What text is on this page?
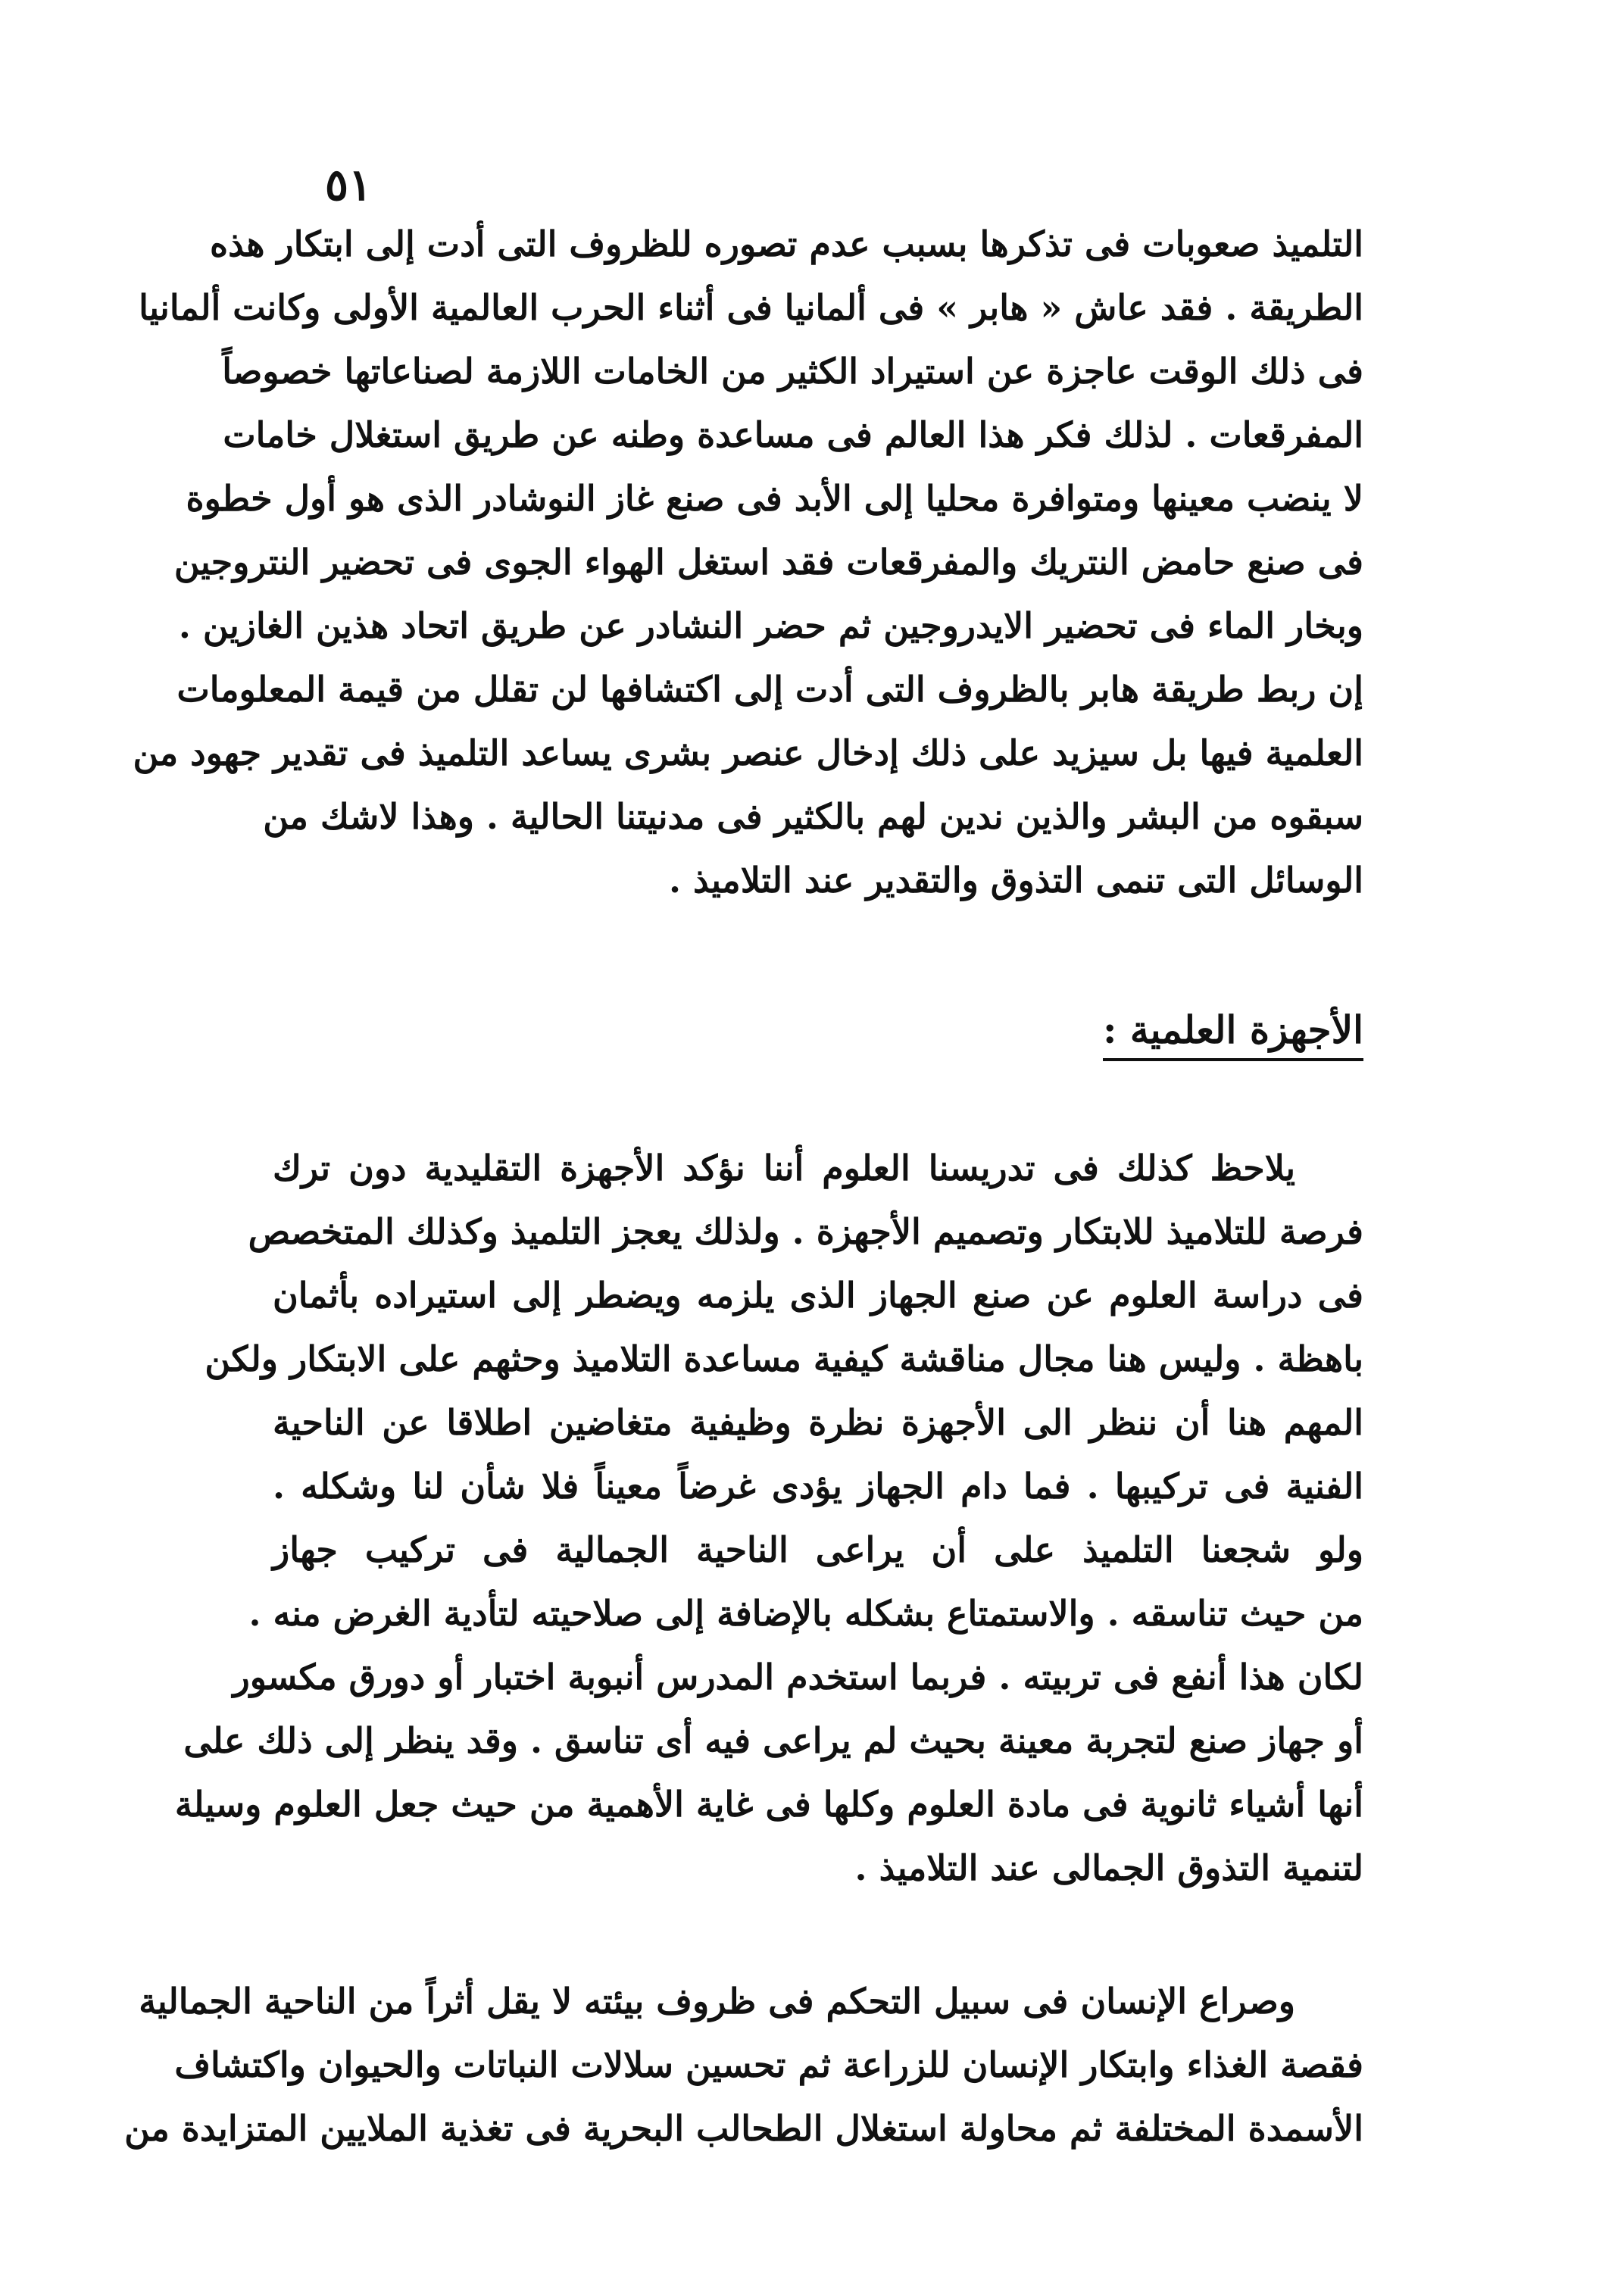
٥١
التلميذ صعوبات فى تذكرها بسبب عدم تصوره للظروف التى أدت إلى ابتكار هذه
الطريقة . فقد عاش « هابر » فى ألمانيا فى أثناء الحرب العالمية الأولى وكانت ألمانيا
فى ذلك الوقت عاجزة عن استيراد الكثير من الخامات اللازمة لصناعاتها خصوصاً
المفرقعات . لذلك فكر هذا العالم فى مساعدة وطنه عن طريق استغلال خامات
لا ينضب معينها ومتوافرة محليا إلى الأبد فى صنع غاز النوشادر الذى هو أول خطوة
فى صنع حامض النتريك والمفرقعات فقد استغل الهواء الجوى فى تحضير النتروجين
وبخار الماء فى تحضير الايدروجين ثم حضر النشادر عن طريق اتحاد هذين الغازين .
إن ربط طريقة هابر بالظروف التى أدت إلى اكتشافها لن تقلل من قيمة المعلومات
العلمية فيها بل سيزيد على ذلك إدخال عنصر بشرى يساعد التلميذ فى تقدير جهود من
سبقوه من البشر والذين ندين لهم بالكثير فى مدنيتنا الحالية . وهذا لاشك من
الوسائل التى تنمى التذوق والتقدير عند التلاميذ .
الأجهزة العلمية :
يلاحظ كذلك فى تدريسنا العلوم أننا نؤكد الأجهزة التقليدية دون ترك
فرصة للتلاميذ للابتكار وتصميم الأجهزة . ولذلك يعجز التلميذ وكذلك المتخصص
فى دراسة العلوم عن صنع الجهاز الذى يلزمه ويضطر إلى استيراده بأثمان
باهظة . وليس هنا مجال مناقشة كيفية مساعدة التلاميذ وحثهم على الابتكار ولكن
المهم هنا أن ننظر الى الأجهزة نظرة وظيفية متغاضين اطلاقا عن الناحية
الفنية فى تركيبها . فما دام الجهاز يؤدى غرضاً معيناً فلا شأن لنا وشكله .
ولو شجعنا التلميذ على أن يراعى الناحية الجمالية فى تركيب جهاز
من حيث تناسقه . والاستمتاع بشكله بالإضافة إلى صلاحيته لتأدية الغرض منه .
لكان هذا أنفع فى تربيته . فربما استخدم المدرس أنبوبة اختبار أو دورق مكسور
أو جهاز صنع لتجربة معينة بحيث لم يراعى فيه أى تناسق . وقد ينظر إلى ذلك على
أنها أشياء ثانوية فى مادة العلوم وكلها فى غاية الأهمية من حيث جعل العلوم وسيلة
لتنمية التذوق الجمالى عند التلاميذ .
وصراع الإنسان فى سبيل التحكم فى ظروف بيئته لا يقل أثراً من الناحية الجمالية
فقصة الغذاء وابتكار الإنسان للزراعة ثم تحسين سلالات النباتات والحيوان واكتشاف
الأسمدة المختلفة ثم محاولة استغلال الطحالب البحرية فى تغذية الملايين المتزايدة من
